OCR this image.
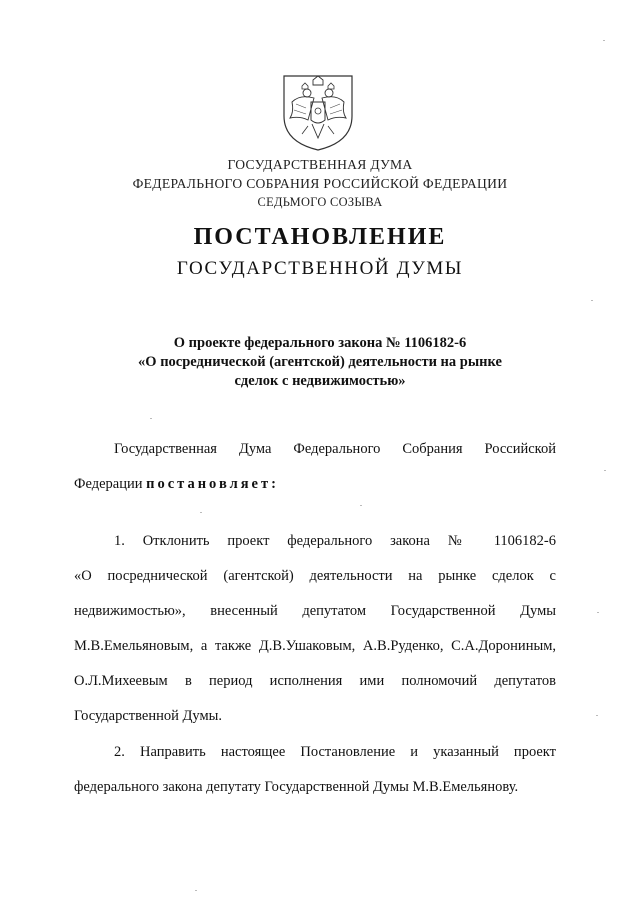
ГОСУДАРСТВЕННАЯ ДУМА
ФЕДЕРАЛЬНОГО СОБРАНИЯ РОССИЙСКОЙ ФЕДЕРАЦИИ
СЕДЬМОГО СОЗЫВА
ПОСТАНОВЛЕНИЕ
ГОСУДАРСТВЕННОЙ ДУМЫ
О проекте федерального закона № 1106182-6
«О посреднической (агентской) деятельности на рынке
сделок с недвижимостью»
Государственная Дума Федерального Собрания Российской
Федерации постановляет:
1. Отклонить проект федерального закона № 1106182-6
«О посреднической (агентской) деятельности на рынке сделок с
недвижимостью», внесенный депутатом Государственной Думы
М.В.Емельяновым, а также Д.В.Ушаковым, А.В.Руденко, С.А.Дорониным,
О.Л.Михеевым в период исполнения ими полномочий депутатов
Государственной Думы.
2. Направить настоящее Постановление и указанный проект
федерального закона депутату Государственной Думы М.В.Емельянову.
